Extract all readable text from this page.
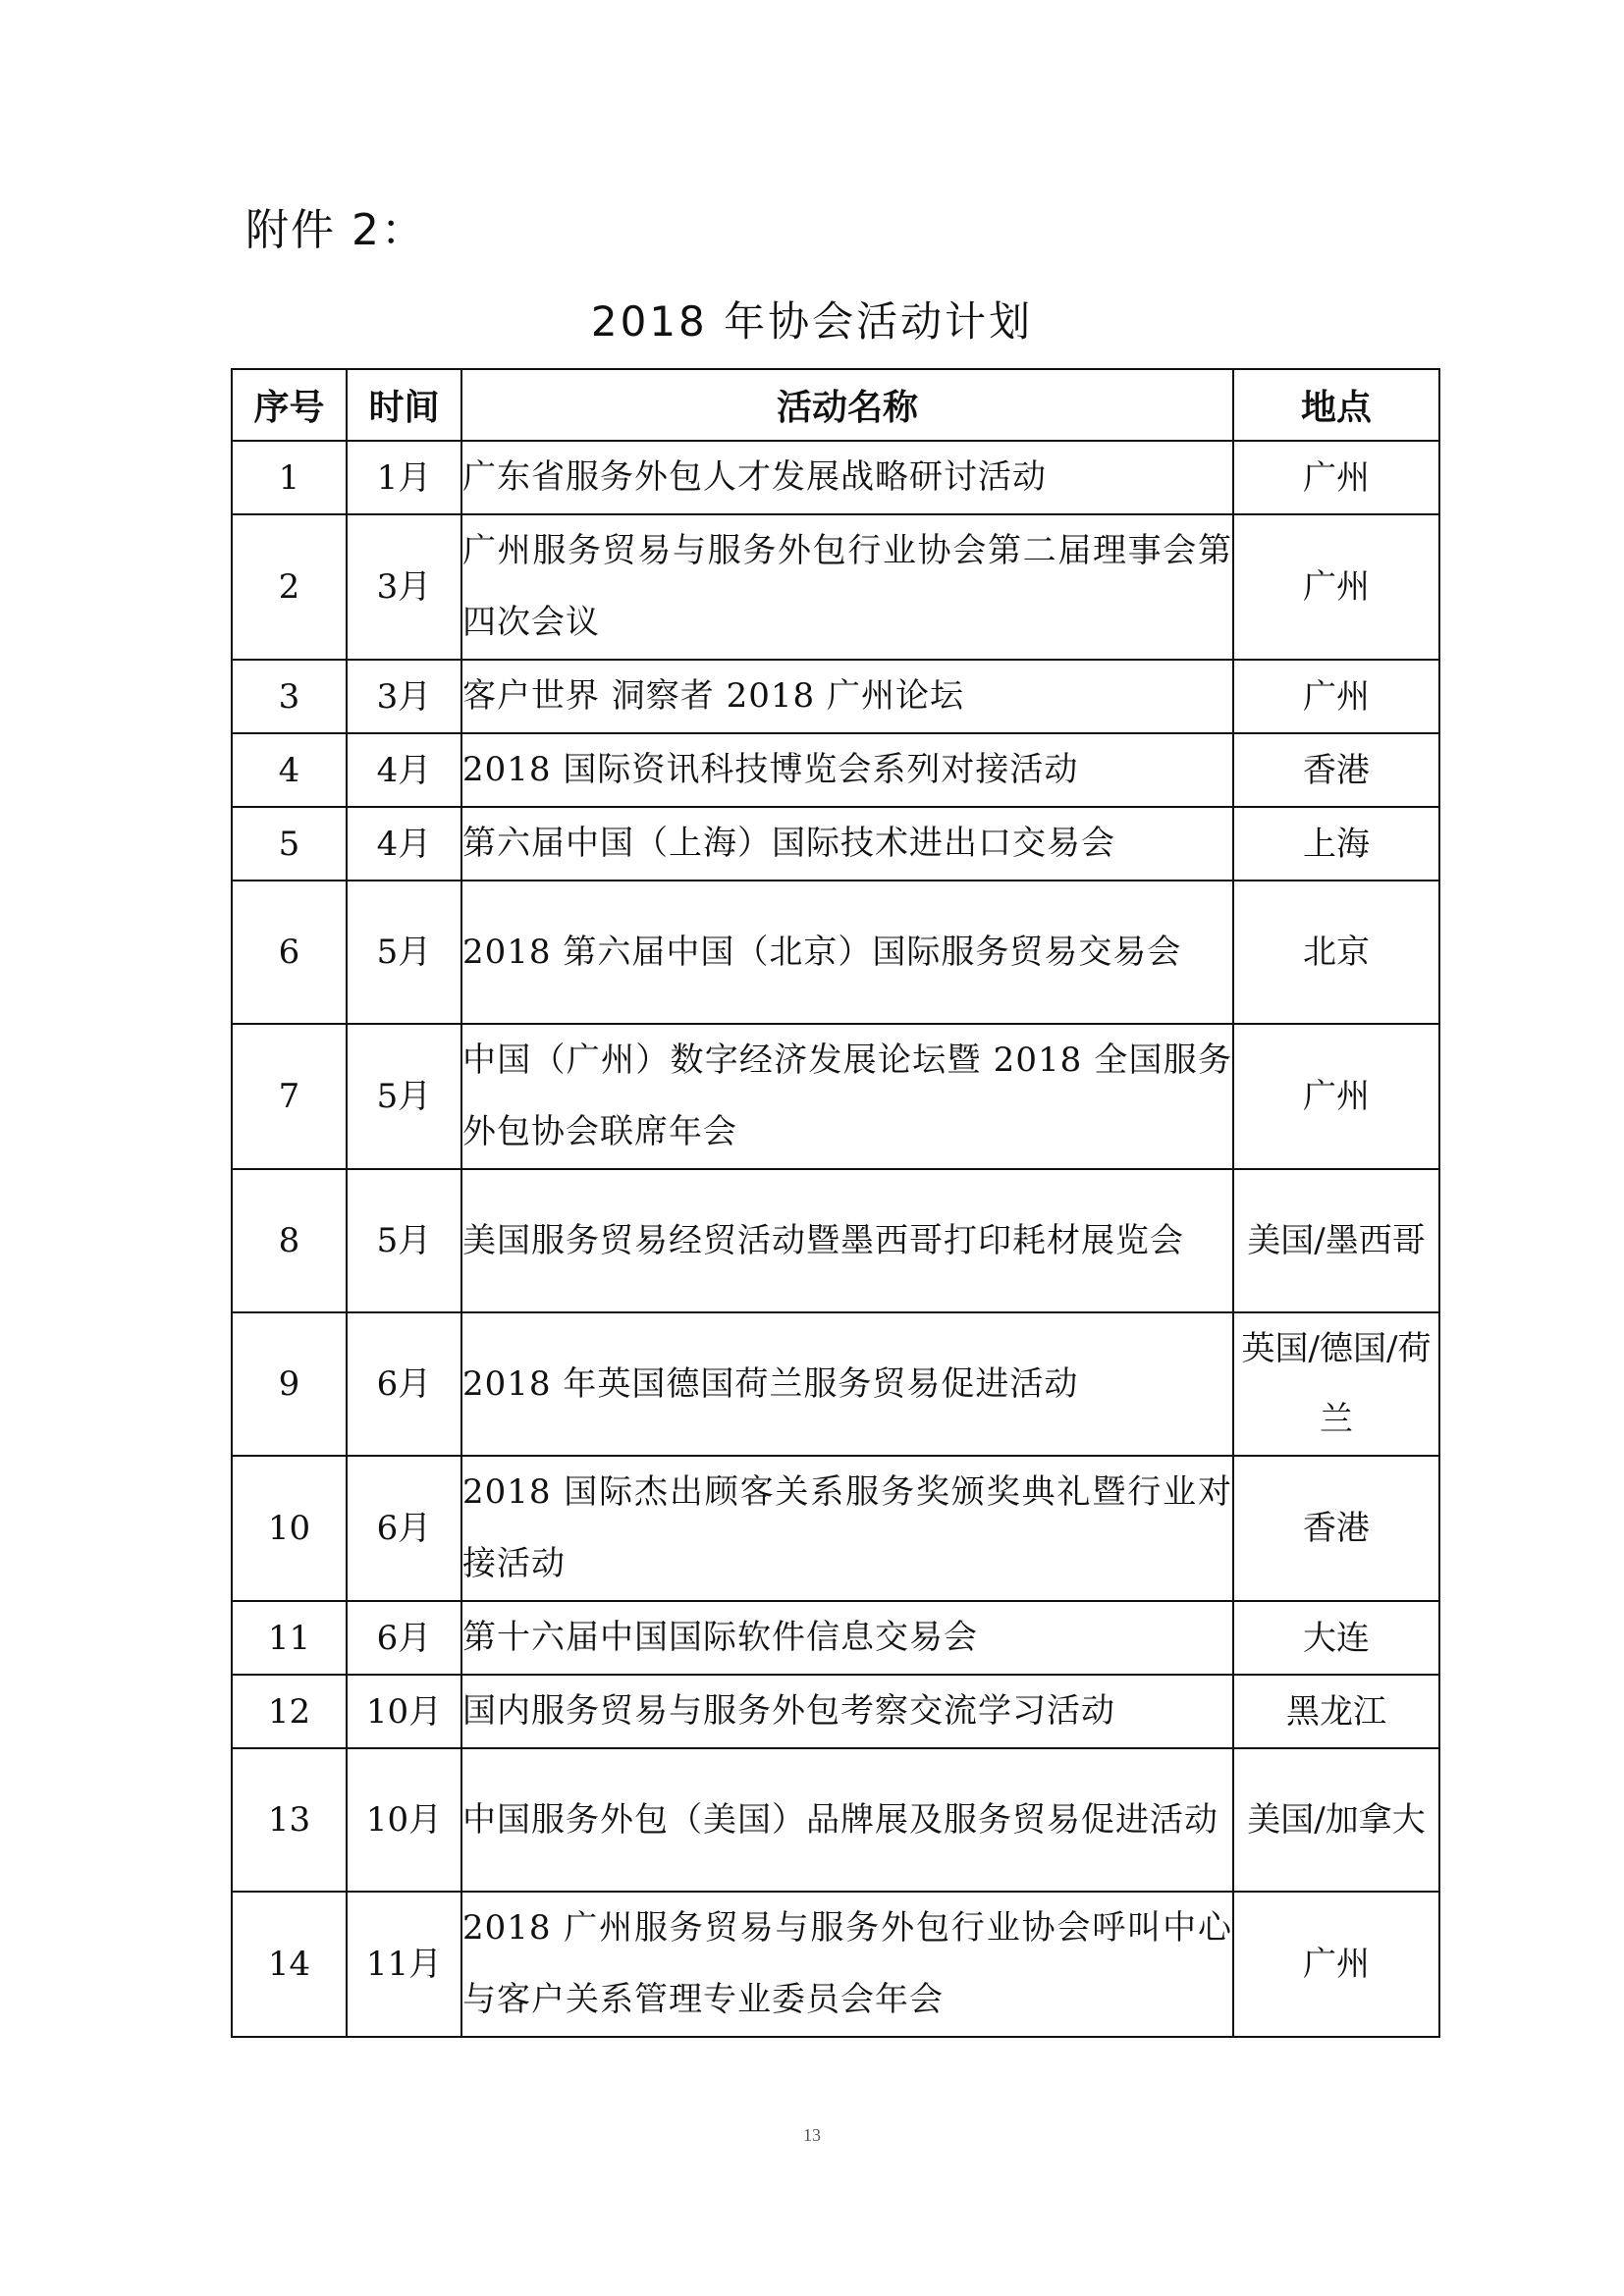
附件 2：
2018 年协会活动计划
序号	时间	活动名称	地点
1	1月	广东省服务外包人才发展战略研讨活动	广州
2	3月	广州服务贸易与服务外包行业协会第二届理事会第四次会议	广州
3	3月	客户世界 洞察者 2018 广州论坛	广州
4	4月	2018 国际资讯科技博览会系列对接活动	香港
5	4月	第六届中国（上海）国际技术进出口交易会	上海
6	5月	2018 第六届中国（北京）国际服务贸易交易会	北京
7	5月	中国（广州）数字经济发展论坛暨 2018 全国服务外包协会联席年会	广州
8	5月	美国服务贸易经贸活动暨墨西哥打印耗材展览会	美国/墨西哥
9	6月	2018 年英国德国荷兰服务贸易促进活动	英国/德国/荷兰
10	6月	2018 国际杰出顾客关系服务奖颁奖典礼暨行业对接活动	香港
11	6月	第十六届中国国际软件信息交易会	大连
12	10月	国内服务贸易与服务外包考察交流学习活动	黑龙江
13	10月	中国服务外包（美国）品牌展及服务贸易促进活动	美国/加拿大
14	11月	2018 广州服务贸易与服务外包行业协会呼叫中心与客户关系管理专业委员会年会	广州
13
